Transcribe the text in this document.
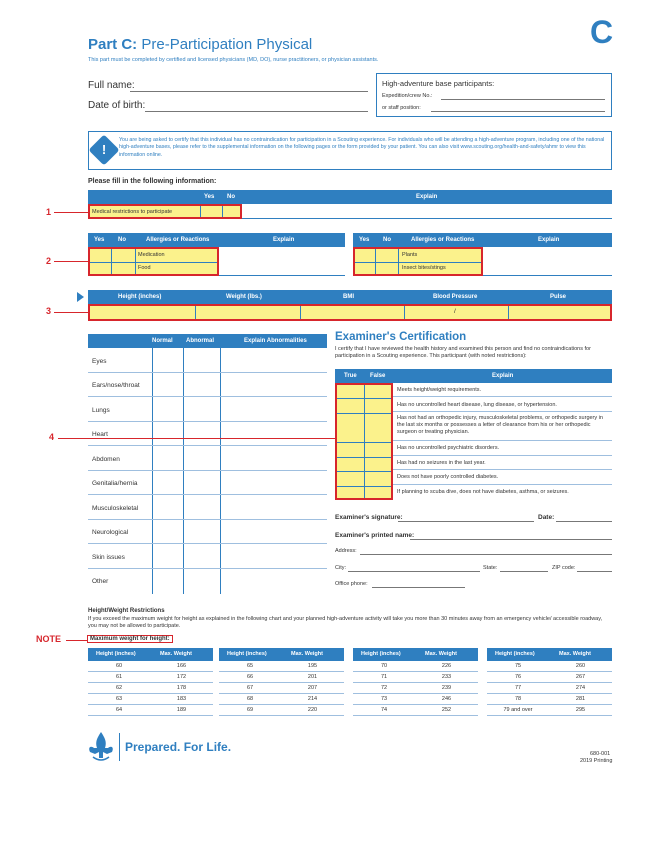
Part C: Pre-Participation Physical
This part must be completed by certified and licensed physicians (MD, DO), nurse practitioners, or physician assistants.
C
Full name:
Date of birth:
High-adventure base participants:
Expedition/crew No.:
or staff position:
!
You are being asked to certify that this individual has no contraindication for participation in a Scouting experience. For individuals who will be attending a high-adventure program, including one of the national high-adventure bases, please refer to the supplemental information on the following pages or the form provided by your patient. You can also visit www.scouting.org/health-and-safety/ahmr to view this information online.
Please fill in the following information:
Yes No	Explain
Medical restrictions to participate
1
Yes No	Allergies or Reactions	Explain
Medication
Food
2
Yes No	Allergies or Reactions	Explain
Plants
Insect bites/stings
Height (inches)	Weight (lbs.)	BMI	Blood Pressure	Pulse
/
3
Normal Abnormal	Explain Abnormalities
Eyes
Ears/nose/throat
Lungs
Heart
Abdomen
Genitalia/hernia
Musculoskeletal
Neurological
Skin issues
Other
4
Examiner's Certification
I certify that I have reviewed the health history and examined this person and find no contraindications for participation in a Scouting experience. This participant (with noted restrictions):
True False	Explain
Meets height/weight requirements.
Has no uncontrolled heart disease, lung disease, or hypertension.
Has not had an orthopedic injury, musculoskeletal problems, or orthopedic surgery in the last six months or possesses a letter of clearance from his or her orthopedic surgeon or treating physician.
Has no uncontrolled psychiatric disorders.
Has had no seizures in the last year.
Does not have poorly controlled diabetes.
If planning to scuba dive, does not have diabetes, asthma, or seizures.
Examiner's signature:	Date:
Examiner's printed name:
Address:
City:	State:	ZIP code:
Office phone:
Height/Weight Restrictions
If you exceed the maximum weight for height as explained in the following chart and your planned high-adventure activity will take you more than 30 minutes away from an emergency vehicle/ accessible roadway, you may not be allowed to participate.
Maximum weight for height:
NOTE
Height (inches)	Max. Weight
60	166
61	172
62	178
63	183
64	189
Height (inches)	Max. Weight
65	195
66	201
67	207
68	214
69	220
Height (inches)	Max. Weight
70	226
71	233
72	239
73	246
74	252
Height (inches)	Max. Weight
75	260
76	267
77	274
78	281
79 and over	295
Prepared. For Life.	680-001
2019 Printing
